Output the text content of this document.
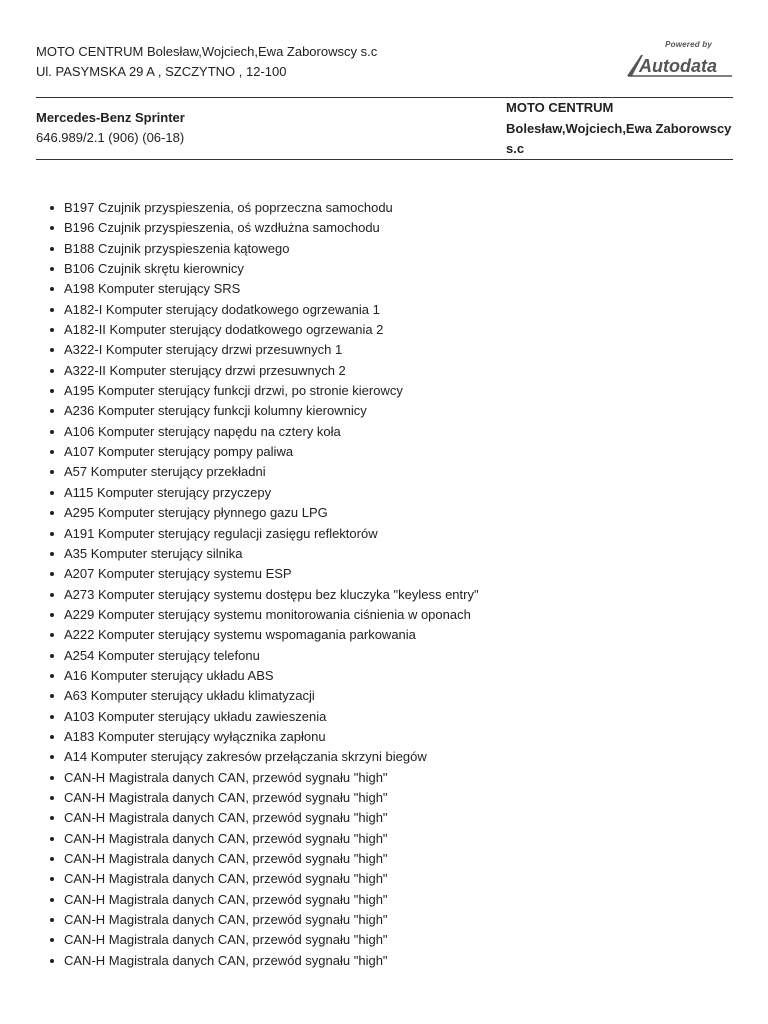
MOTO CENTRUM Bolesław,Wojciech,Ewa Zaborowscy s.c
Ul. PASYMSKA 29 A , SZCZYTNO , 12-100
Powered by
Autodata
Mercedes-Benz Sprinter
646.989/2.1 (906) (06-18)
MOTO CENTRUM
Bolesław,Wojciech,Ewa Zaborowscy
s.c
B197 Czujnik przyspieszenia, oś poprzeczna samochodu
B196 Czujnik przyspieszenia, oś wzdłużna samochodu
B188 Czujnik przyspieszenia kątowego
B106 Czujnik skrętu kierownicy
A198 Komputer sterujący SRS
A182-I Komputer sterujący dodatkowego ogrzewania 1
A182-II Komputer sterujący dodatkowego ogrzewania 2
A322-I Komputer sterujący drzwi przesuwnych 1
A322-II Komputer sterujący drzwi przesuwnych 2
A195 Komputer sterujący funkcji drzwi, po stronie kierowcy
A236 Komputer sterujący funkcji kolumny kierownicy
A106 Komputer sterujący napędu na cztery koła
A107 Komputer sterujący pompy paliwa
A57 Komputer sterujący przekładni
A115 Komputer sterujący przyczepy
A295 Komputer sterujący płynnego gazu LPG
A191 Komputer sterujący regulacji zasięgu reflektorów
A35 Komputer sterujący silnika
A207 Komputer sterujący systemu ESP
A273 Komputer sterujący systemu dostępu bez kluczyka "keyless entry"
A229 Komputer sterujący systemu monitorowania ciśnienia w oponach
A222 Komputer sterujący systemu wspomagania parkowania
A254 Komputer sterujący telefonu
A16 Komputer sterujący układu ABS
A63 Komputer sterujący układu klimatyzacji
A103 Komputer sterujący układu zawieszenia
A183 Komputer sterujący wyłącznika zapłonu
A14 Komputer sterujący zakresów przełączania skrzyni biegów
CAN-H Magistrala danych CAN, przewód sygnału "high"
CAN-H Magistrala danych CAN, przewód sygnału "high"
CAN-H Magistrala danych CAN, przewód sygnału "high"
CAN-H Magistrala danych CAN, przewód sygnału "high"
CAN-H Magistrala danych CAN, przewód sygnału "high"
CAN-H Magistrala danych CAN, przewód sygnału "high"
CAN-H Magistrala danych CAN, przewód sygnału "high"
CAN-H Magistrala danych CAN, przewód sygnału "high"
CAN-H Magistrala danych CAN, przewód sygnału "high"
CAN-H Magistrala danych CAN, przewód sygnału "high"
